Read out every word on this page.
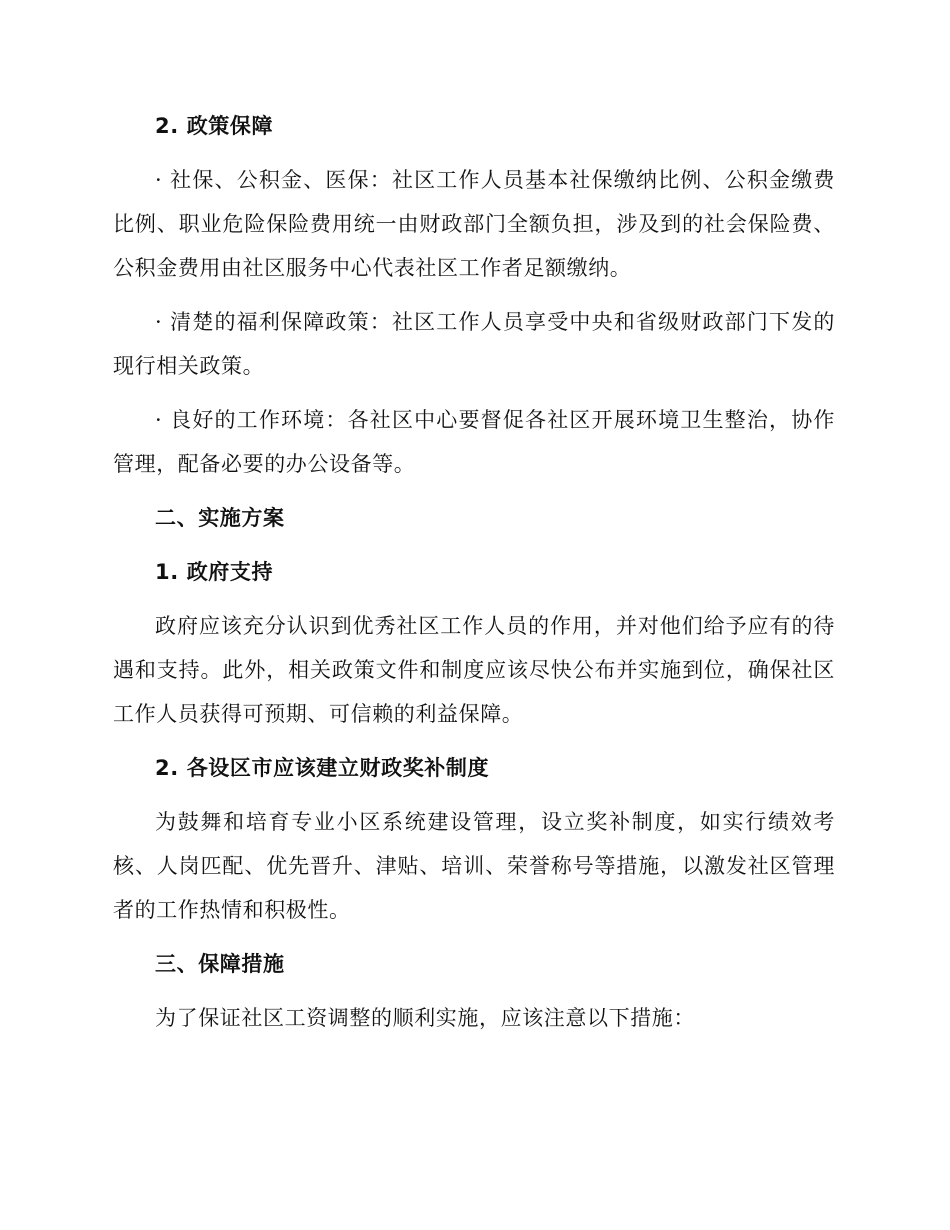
2. 政策保障
· 社保、公积金、医保：社区工作人员基本社保缴纳比例、公积金缴费比例、职业危险保险费用统一由财政部门全额负担，涉及到的社会保险费、公积金费用由社区服务中心代表社区工作者足额缴纳。
· 清楚的福利保障政策：社区工作人员享受中央和省级财政部门下发的现行相关政策。
· 良好的工作环境：各社区中心要督促各社区开展环境卫生整治，协作管理，配备必要的办公设备等。
二、实施方案
1. 政府支持
政府应该充分认识到优秀社区工作人员的作用，并对他们给予应有的待遇和支持。此外，相关政策文件和制度应该尽快公布并实施到位，确保社区工作人员获得可预期、可信赖的利益保障。
2. 各设区市应该建立财政奖补制度
为鼓舞和培育专业小区系统建设管理，设立奖补制度，如实行绩效考核、人岗匹配、优先晋升、津贴、培训、荣誉称号等措施，以激发社区管理者的工作热情和积极性。
三、保障措施
为了保证社区工资调整的顺利实施，应该注意以下措施：
